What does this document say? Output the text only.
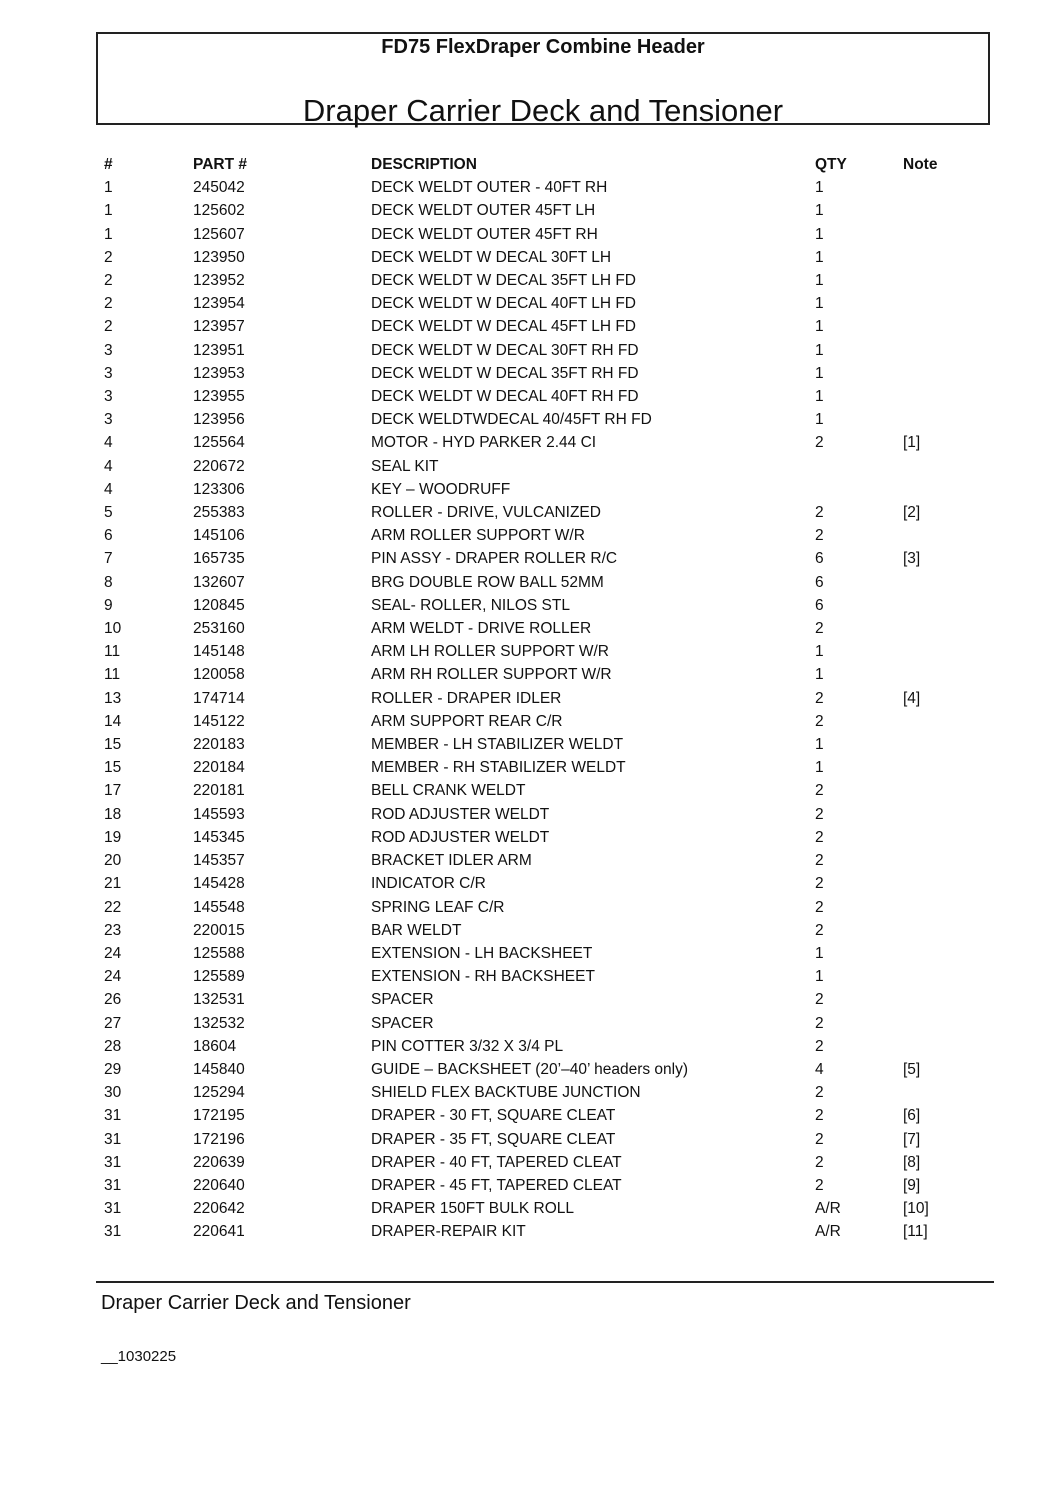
FD75 FlexDraper Combine Header
Draper Carrier Deck and Tensioner
#	PART #	DESCRIPTION	QTY	Note
1	245042	DECK WELDT OUTER - 40FT RH	1	
1	125602	DECK WELDT OUTER 45FT LH	1	
1	125607	DECK WELDT OUTER 45FT RH	1	
2	123950	DECK WELDT W DECAL 30FT LH	1	
2	123952	DECK WELDT W DECAL 35FT LH FD	1	
2	123954	DECK WELDT W DECAL 40FT LH FD	1	
2	123957	DECK WELDT W DECAL 45FT LH FD	1	
3	123951	DECK WELDT W DECAL 30FT RH FD	1	
3	123953	DECK WELDT W DECAL 35FT RH FD	1	
3	123955	DECK WELDT W DECAL 40FT RH FD	1	
3	123956	DECK WELDTWDECAL 40/45FT RH FD	1	
4	125564	MOTOR - HYD PARKER 2.44 CI	2	[1]
4	220672	SEAL KIT		
4	123306	KEY – WOODRUFF		
5	255383	ROLLER - DRIVE, VULCANIZED	2	[2]
6	145106	ARM ROLLER SUPPORT W/R	2	
7	165735	PIN ASSY - DRAPER ROLLER R/C	6	[3]
8	132607	BRG DOUBLE ROW BALL 52MM	6	
9	120845	SEAL- ROLLER, NILOS STL	6	
10	253160	ARM WELDT - DRIVE ROLLER	2	
11	145148	ARM LH ROLLER SUPPORT W/R	1	
11	120058	ARM RH ROLLER SUPPORT W/R	1	
13	174714	ROLLER - DRAPER IDLER	2	[4]
14	145122	ARM SUPPORT REAR C/R	2	
15	220183	MEMBER - LH STABILIZER WELDT	1	
15	220184	MEMBER - RH STABILIZER WELDT	1	
17	220181	BELL CRANK WELDT	2	
18	145593	ROD ADJUSTER WELDT	2	
19	145345	ROD ADJUSTER WELDT	2	
20	145357	BRACKET IDLER ARM	2	
21	145428	INDICATOR C/R	2	
22	145548	SPRING LEAF C/R	2	
23	220015	BAR WELDT	2	
24	125588	EXTENSION - LH BACKSHEET	1	
24	125589	EXTENSION - RH BACKSHEET	1	
26	132531	SPACER	2	
27	132532	SPACER	2	
28	18604	PIN COTTER 3/32 X 3/4 PL	2	
29	145840	GUIDE – BACKSHEET (20’–40’ headers only)	4	[5]
30	125294	SHIELD FLEX BACKTUBE JUNCTION	2	
31	172195	DRAPER - 30 FT, SQUARE CLEAT	2	[6]
31	172196	DRAPER - 35 FT, SQUARE CLEAT	2	[7]
31	220639	DRAPER - 40 FT, TAPERED CLEAT	2	[8]
31	220640	DRAPER - 45 FT, TAPERED CLEAT	2	[9]
31	220642	DRAPER 150FT BULK ROLL	A/R	[10]
31	220641	DRAPER-REPAIR KIT	A/R	[11]
Draper Carrier Deck and Tensioner
__1030225
